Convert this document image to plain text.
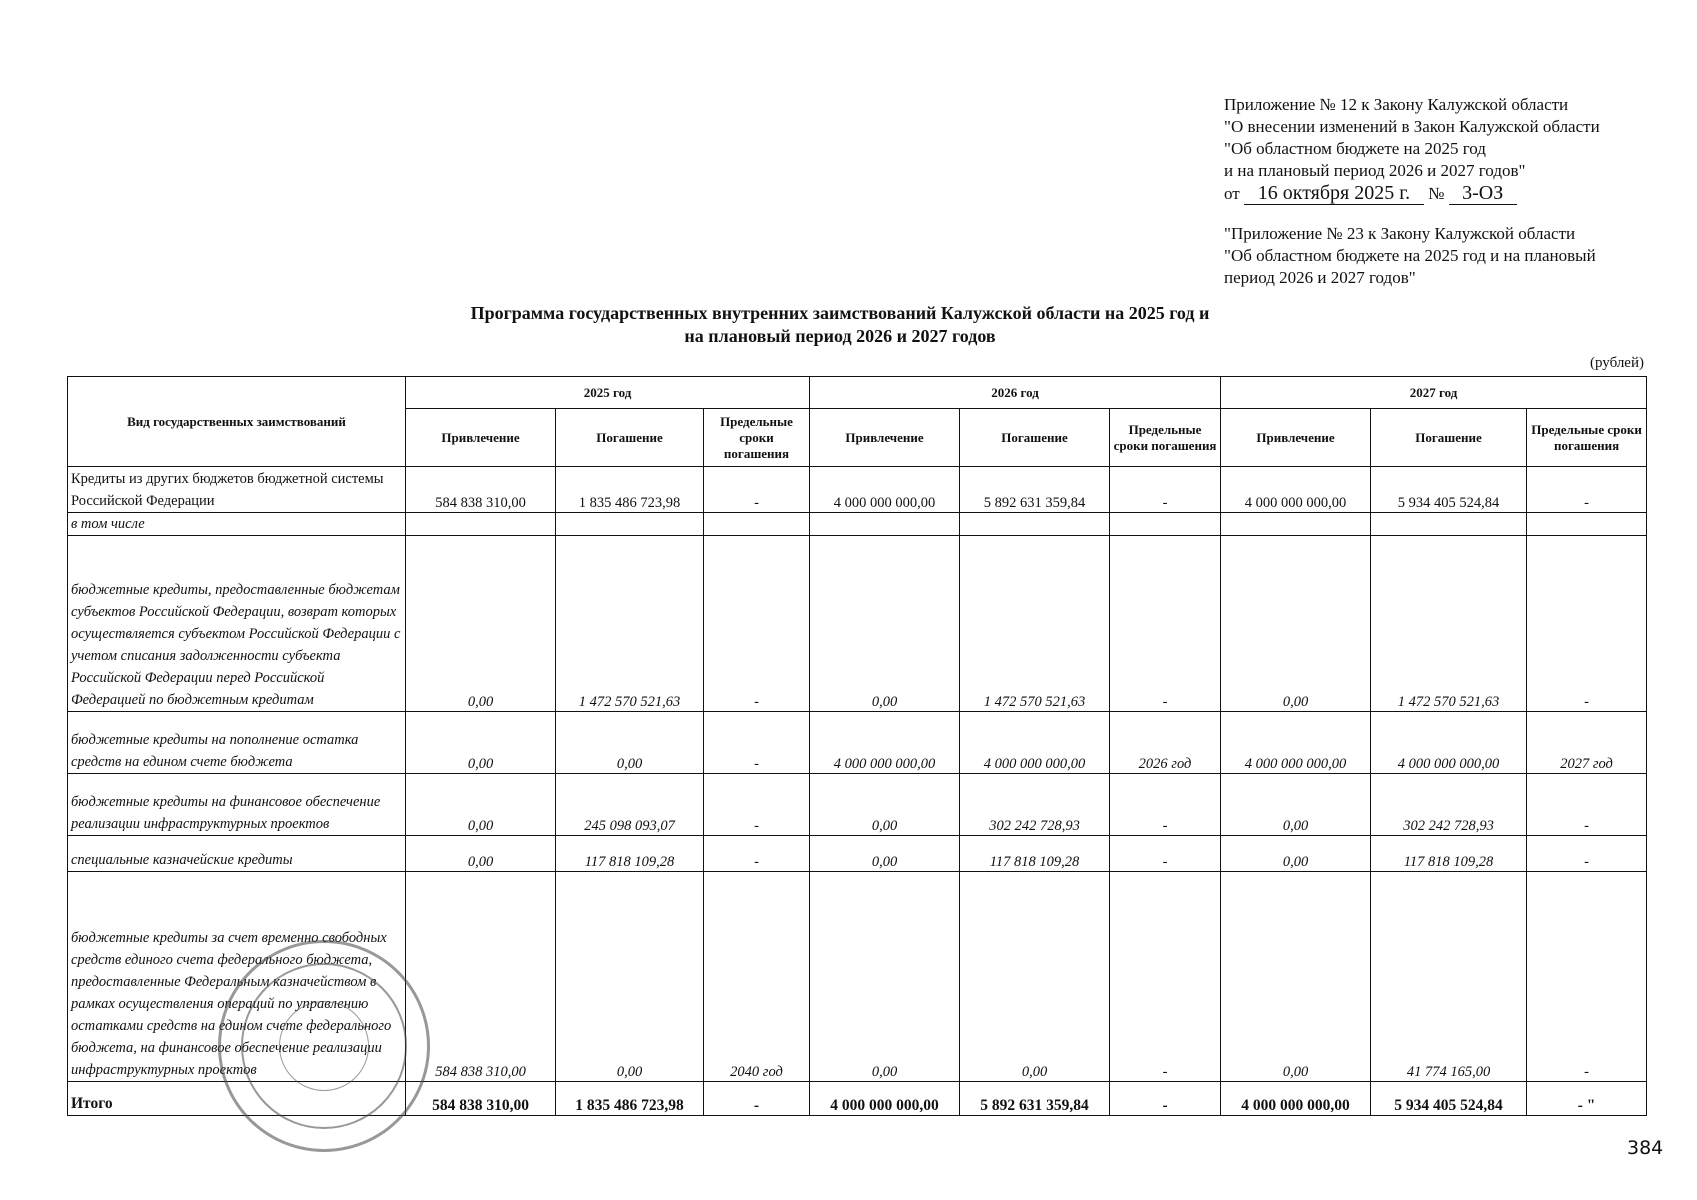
Приложение № 12 к Закону Калужской области
"О внесении изменений в Закон Калужской области
"Об областном бюджете на 2025 год
и на плановый период 2026 и 2027 годов"
от 16 октября 2025 г. № 3-ОЗ
"Приложение № 23 к Закону Калужской области
"Об областном бюджете на 2025 год и на плановый
период 2026 и 2027 годов"
Программа государственных внутренних заимствований Калужской области на 2025 год и
на плановый период 2026 и 2027 годов
(рублей)
Вид государственных заимствований	2025 год			2026 год			2027 год		
	Привлечение	Погашение	Предельные сроки погашения	Привлечение	Погашение	Предельные сроки погашения	Привлечение	Погашение	Предельные сроки погашения
Кредиты из других бюджетов бюджетной системы Российской Федерации	584 838 310,00	1 835 486 723,98	-	4 000 000 000,00	5 892 631 359,84	-	4 000 000 000,00	5 934 405 524,84	-
в том числе									
бюджетные кредиты, предоставленные бюджетам субъектов Российской Федерации, возврат которых осуществляется субъектом Российской Федерации с учетом списания задолженности субъекта Российской Федерации перед Российской Федерацией по бюджетным кредитам	0,00	1 472 570 521,63	-	0,00	1 472 570 521,63	-	0,00	1 472 570 521,63	-
бюджетные кредиты на пополнение остатка средств на едином счете бюджета	0,00	0,00	-	4 000 000 000,00	4 000 000 000,00	2026 год	4 000 000 000,00	4 000 000 000,00	2027 год
бюджетные кредиты на финансовое обеспечение реализации инфраструктурных проектов	0,00	245 098 093,07	-	0,00	302 242 728,93	-	0,00	302 242 728,93	-
специальные казначейские кредиты	0,00	117 818 109,28	-	0,00	117 818 109,28	-	0,00	117 818 109,28	-
бюджетные кредиты за счет временно свободных средств единого счета федерального бюджета, предоставленные Федеральным казначейством в рамках осуществления операций по управлению остатками средств на едином счете федерального бюджета, на финансовое обеспечение реализации инфраструктурных проектов	584 838 310,00	0,00	2040 год	0,00	0,00	-	0,00	41 774 165,00	-
Итого	584 838 310,00	1 835 486 723,98	-	4 000 000 000,00	5 892 631 359,84	-	4 000 000 000,00	5 934 405 524,84	- "
384
